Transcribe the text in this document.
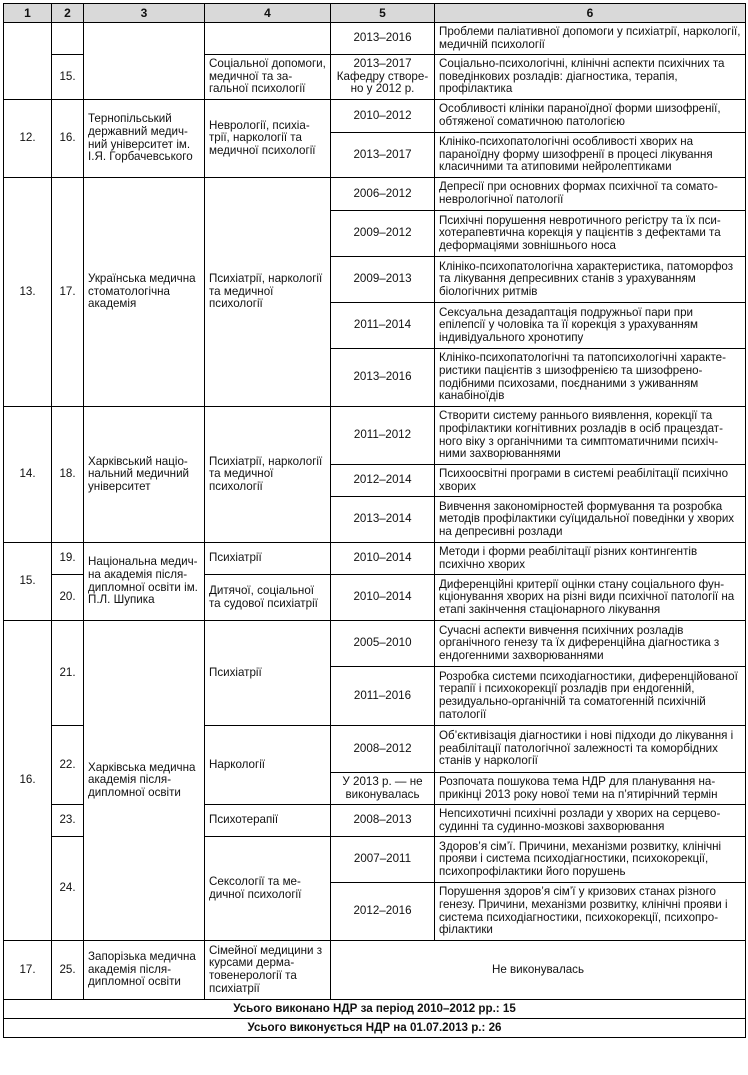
1	2	3	4	5	6
				2013–2016	Проблеми паліативної допомоги у психіатрії, наркології, медичній психології
	15.		Соціальної допомоги, медичної та загальної психології	2013–2017 Кафедру створено у 2012 р.	Соціально-психологічні, клінічні аспекти психічних та поведінкових розладів: діагностика, терапія, профілактика
12.	16.	Тернопільський державний медичний університет ім. І.Я. Горбачевського	Неврології, психіатрії, наркології та медичної психології	2010–2012	Особливості клініки параноїдної форми шизофренії, обтяженої соматичною патологією
				2013–2017	Клініко-психопатологічні особливості хворих на параноїдну форму шизофренії в процесі лікування класичними та атиповими нейролептиками
13.	17.	Українська медична стоматологічна академія	Психіатрії, наркології та медичної психології	2006–2012	Депресії при основних формах психічної та соматоневрологічної патології
				2009–2012	Психічні порушення невротичного регістру та їх психотерапевтична корекція у пацієнтів з дефектами та деформаціями зовнішнього носа
				2009–2013	Клініко-психопатологічна характеристика, патоморфоз та лікування депресивних станів з урахуванням біологічних ритмів
				2011–2014	Сексуальна дезадаптація подружньої пари при епілепсії у чоловіка та її корекція з урахуванням індивідуального хронотипу
				2013–2016	Клініко-психопатологічні та патопсихологічні характеристики пацієнтів з шизофренією та шизофреноподібними психозами, поєднаними з уживанням канабіноїдів
14.	18.	Харківський національний медичний університет	Психіатрії, наркології та медичної психології	2011–2012	Створити систему раннього виявлення, корекції та профілактики когнітивних розладів в осіб працездатного віку з органічними та симптоматичними психічними захворюваннями
				2012–2014	Психоосвітні програми в системі реабілітації психічно хворих
				2013–2014	Вивчення закономірностей формування та розробка методів профілактики суїцидальної поведінки у хворих на депресивні розлади
15.	19.	Національна медична академія післядипломної освіти ім. П.Л. Шупика	Психіатрії	2010–2014	Методи і форми реабілітації різних контингентів психічно хворих
	20.		Дитячої, соціальної та судової психіатрії	2010–2014	Диференційні критерії оцінки стану соціального функціонування хворих на різні види психічної патології на етапі закінчення стаціонарного лікування
16.	21.	Харківська медична академія післядипломної освіти	Психіатрії	2005–2010	Сучасні аспекти вивчення психічних розладів органічного генезу та їх диференційна діагностика з ендогенними захворюваннями
				2011–2016	Розробка системи психодіагностики, диференційованої терапії і психокорекції розладів при ендогенній, резидуально-органічній та соматогенній психічній патології
	22.		Наркології	2008–2012	Об’єктивізація діагностики і нові підходи до лікування і реабілітації патологічної залежності та коморбідних станів у наркології
				У 2013 р. — не виконувалась	Розпочата пошукова тема НДР для планування наприкінці 2013 року нової теми на п’ятирічний термін
	23.		Психотерапії	2008–2013	Непсихотичні психічні розлади у хворих на серцевосудинні та судинно-мозкові захворювання
	24.		Сексології та медичної психології	2007–2011	Здоров’я сім’ї. Причини, механізми розвитку, клінічні прояви і система психодіагностики, психокорекції, психопрофілактики його порушень
				2012–2016	Порушення здоров’я сім’ї у кризових станах різного генезу. Причини, механізми розвитку, клінічні прояви і система психодіагностики, психокорекції, психопрофілактики
17.	25.	Запорізька медична академія післядипломної освіти	Сімейної медицини з курсами дерматовенерології та психіатрії	Не виконувалась	
Усього виконано НДР за період 2010–2012 рр.: 15					
Усього виконується НДР на 01.07.2013 р.: 26					
